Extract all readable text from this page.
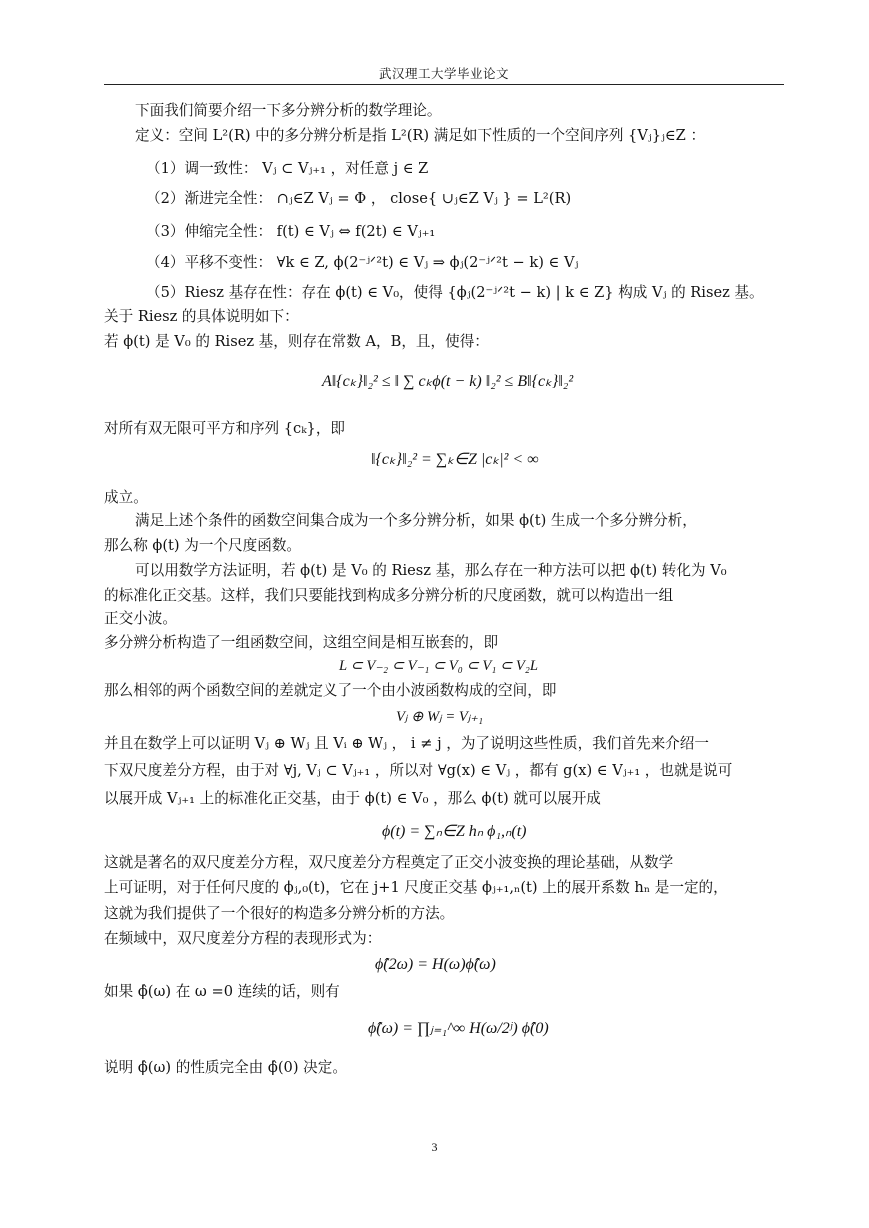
武汉理工大学毕业论文
下面我们简要介绍一下多分辨分析的数学理论。
定义：空间 L²(R) 中的多分辨分析是指 L²(R) 满足如下性质的一个空间序列 {Vⱼ}ⱼ∈Z ：
（1）调一致性： Vⱼ ⊂ Vⱼ₊₁ ，对任意 j ∈ Z
（2）渐进完全性： ∩ⱼ∈Z Vⱼ = Φ ， close{ ∪ⱼ∈Z Vⱼ } = L²(R)
（3）伸缩完全性： f(t) ∈ Vⱼ ⇔ f(2t) ∈ Vⱼ₊₁
（4）平移不变性： ∀k ∈ Z, ϕ(2⁻ʲᐟ²t) ∈ Vⱼ ⇒ ϕⱼ(2⁻ʲᐟ²t − k) ∈ Vⱼ
（5）Riesz 基存在性：存在 ϕ(t) ∈ V₀，使得 {ϕⱼ(2⁻ʲᐟ²t − k) | k ∈ Z} 构成 Vⱼ 的 Risez 基。
关于 Riesz 的具体说明如下：
若 ϕ(t) 是 V₀ 的 Risez 基，则存在常数 A，B，且，使得：
A‖{cₖ}‖₂² ≤ ‖ ∑ cₖϕ(t − k) ‖₂² ≤ B‖{cₖ}‖₂²
对所有双无限可平方和序列 {cₖ}，即
‖{cₖ}‖₂² = ∑ₖ∈Z |cₖ|² < ∞
成立。
满足上述个条件的函数空间集合成为一个多分辨分析，如果 ϕ(t) 生成一个多分辨分析，
那么称 ϕ(t) 为一个尺度函数。
可以用数学方法证明，若 ϕ(t) 是 V₀ 的 Riesz 基，那么存在一种方法可以把 ϕ(t) 转化为 V₀
的标准化正交基。这样，我们只要能找到构成多分辨分析的尺度函数，就可以构造出一组
正交小波。
多分辨分析构造了一组函数空间，这组空间是相互嵌套的，即
L ⊂ V₋₂ ⊂ V₋₁ ⊂ V₀ ⊂ V₁ ⊂ V₂L
那么相邻的两个函数空间的差就定义了一个由小波函数构成的空间，即
Vⱼ ⊕ Wⱼ = Vⱼ₊₁
并且在数学上可以证明 Vⱼ ⊕ Wⱼ 且 Vᵢ ⊕ Wⱼ ， i ≠ j ，为了说明这些性质，我们首先来介绍一
下双尺度差分方程，由于对 ∀j, Vⱼ ⊂ Vⱼ₊₁ ，所以对 ∀g(x) ∈ Vⱼ ，都有 g(x) ∈ Vⱼ₊₁ ，也就是说可
以展开成 Vⱼ₊₁ 上的标准化正交基，由于 ϕ(t) ∈ V₀ ，那么 ϕ(t) 就可以展开成
ϕ(t) = ∑ₙ∈Z hₙ ϕ₁,ₙ(t)
这就是著名的双尺度差分方程，双尺度差分方程奠定了正交小波变换的理论基础，从数学
上可证明，对于任何尺度的 ϕⱼ,₀(t)，它在 j+1 尺度正交基 ϕⱼ₊₁,ₙ(t) 上的展开系数 hₙ 是一定的，
这就为我们提供了一个很好的构造多分辨分析的方法。
在频域中，双尺度差分方程的表现形式为：
ϕ̂(2ω) = H(ω)ϕ̂(ω)
如果 ϕ̂(ω) 在 ω =0 连续的话，则有
ϕ̂(ω) = ∏ⱼ₌₁^∞ H(ω/2ʲ) ϕ̂(0)
说明 ϕ̂(ω) 的性质完全由 ϕ̂(0) 决定。
3
